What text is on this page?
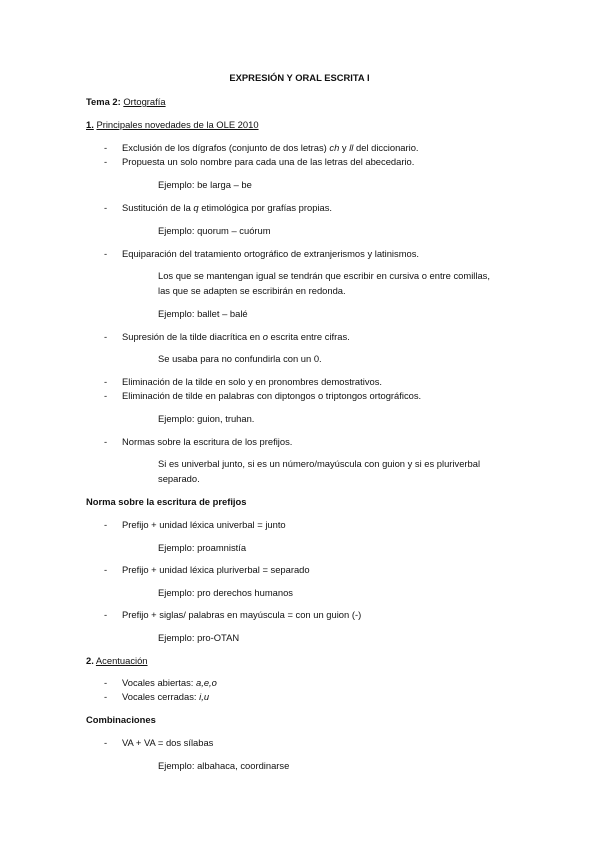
EXPRESIÓN Y ORAL ESCRITA I
Tema 2: Ortografía
1. Principales novedades de la OLE 2010
- Exclusión de los dígrafos (conjunto de dos letras) ch y ll del diccionario.
- Propuesta un solo nombre para cada una de las letras del abecedario.
Ejemplo: be larga – be
- Sustitución de la q etimológica por grafías propias.
Ejemplo: quorum – cuórum
- Equiparación del tratamiento ortográfico de extranjerismos y latinismos.
Los que se mantengan igual se tendrán que escribir en cursiva o entre comillas,
las que se adapten se escribirán en redonda.
Ejemplo: ballet – balé
- Supresión de la tilde diacrítica en o escrita entre cifras.
Se usaba para no confundirla con un 0.
- Eliminación de la tilde en solo y en pronombres demostrativos.
- Eliminación de tilde en palabras con diptongos o triptongos ortográficos.
Ejemplo: guion, truhan.
- Normas sobre la escritura de los prefijos.
Si es univerbal junto, si es un número/mayúscula con guion y si es pluriverbal
separado.
Norma sobre la escritura de prefijos
- Prefijo + unidad léxica univerbal = junto
Ejemplo: proamnistía
- Prefijo + unidad léxica pluriverbal = separado
Ejemplo: pro derechos humanos
- Prefijo + siglas/ palabras en mayúscula = con un guion (-)
Ejemplo: pro-OTAN
2. Acentuación
- Vocales abiertas: a,e,o
- Vocales cerradas: i,u
Combinaciones
- VA + VA = dos sílabas
Ejemplo: albahaca, coordinarse
